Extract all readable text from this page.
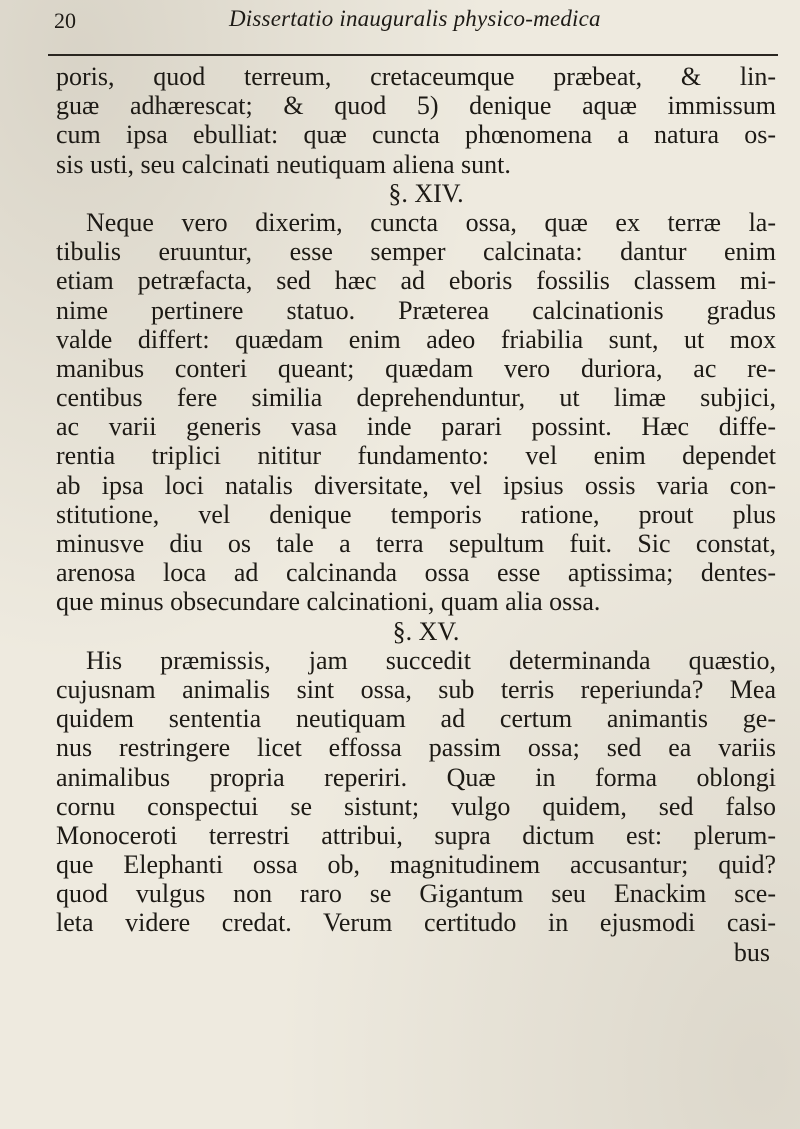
20	Dissertatio inauguralis physico-medica
poris, quod terreum, cretaceumque præbeat, & lin-
guæ adhærescat; & quod 5) denique aquæ immissum
cum ipsa ebulliat: quæ cuncta phœnomena a natura os-
sis usti, seu calcinati neutiquam aliena sunt.
§. XIV.
Neque vero dixerim, cuncta ossa, quæ ex terræ la-
tibulis eruuntur, esse semper calcinata: dantur enim
etiam petræfacta, sed hæc ad eboris fossilis classem mi-
nime pertinere statuo. Præterea calcinationis gradus
valde differt: quædam enim adeo friabilia sunt, ut mox
manibus conteri queant; quædam vero duriora, ac re-
centibus fere similia deprehenduntur, ut limæ subjici,
ac varii generis vasa inde parari possint. Hæc diffe-
rentia triplici nititur fundamento: vel enim dependet
ab ipsa loci natalis diversitate, vel ipsius ossis varia con-
stitutione, vel denique temporis ratione, prout plus
minusve diu os tale a terra sepultum fuit. Sic constat,
arenosa loca ad calcinanda ossa esse aptissima; dentes-
que minus obsecundare calcinationi, quam alia ossa.
§. XV.
His præmissis, jam succedit determinanda quæstio,
cujusnam animalis sint ossa, sub terris reperiunda? Mea
quidem sententia neutiquam ad certum animantis ge-
nus restringere licet effossa passim ossa; sed ea variis
animalibus propria reperiri. Quæ in forma oblongi
cornu conspectui se sistunt; vulgo quidem, sed falso
Monoceroti terrestri attribui, supra dictum est: plerum-
que Elephanti ossa ob, magnitudinem accusantur; quid?
quod vulgus non raro se Gigantum seu Enackim sce-
leta videre credat. Verum certitudo in ejusmodi casi-
bus
